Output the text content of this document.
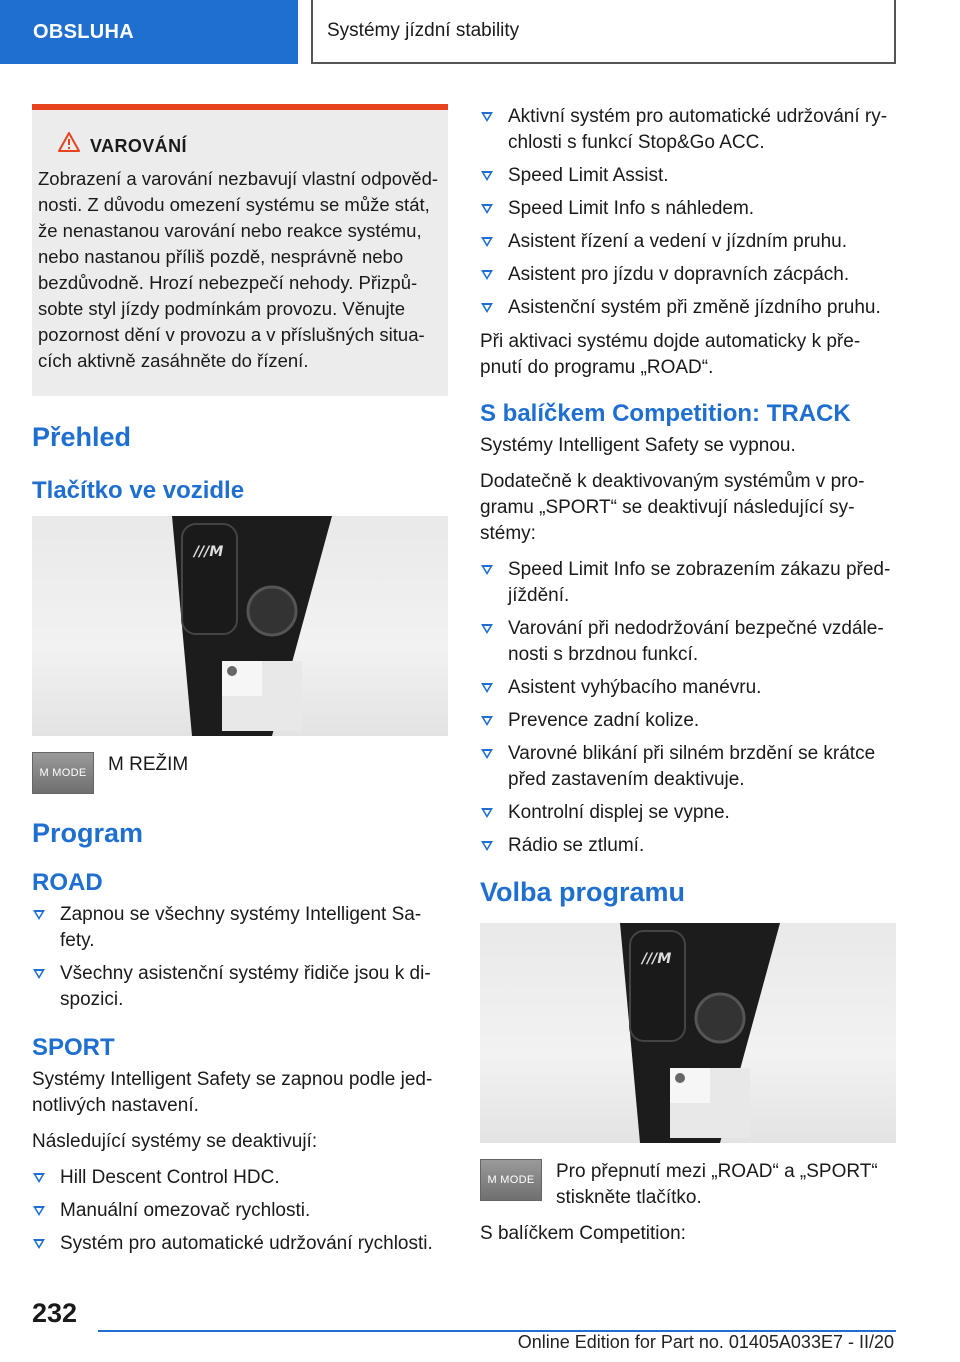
OBSLUHA	Systémy jízdní stability
VAROVÁNÍ
Zobrazení a varování nezbavují vlastní odpovědnosti. Z důvodu omezení systému se může stát, že nenastanou varování nebo reakce systému, nebo nastanou příliš pozdě, nesprávně nebo bezdůvodně. Hrozí nebezpečí nehody. Přizpůsobte styl jízdy podmínkám provozu. Věnujte pozornost dění v provozu a v příslušných situacích aktivně zasáhněte do řízení.
Přehled
Tlačítko ve vozidle
///M
M MODE	M REŽIM
Program
ROAD
Zapnou se všechny systémy Intelligent Safety.
Všechny asistenční systémy řidiče jsou k dispozici.
SPORT

Systémy Intelligent Safety se zapnou podle jednotlivých nastavení.

Následující systémy se deaktivují:

Hill Descent Control HDC.
Manuální omezovač rychlosti.
Systém pro automatické udržování rychlosti.
Aktivní systém pro automatické udržování rychlosti s funkcí Stop&Go ACC.
Speed Limit Assist.
Speed Limit Info s náhledem.
Asistent řízení a vedení v jízdním pruhu.
Asistent pro jízdu v dopravních zácpách.
Asistenční systém při změně jízdního pruhu.

Při aktivaci systému dojde automaticky k přepnutí do programu „ROAD“.

S balíčkem Competition: TRACK

Systémy Intelligent Safety se vypnou.

Dodatečně k deaktivovaným systémům v programu „SPORT“ se deaktivují následující systémy:

Speed Limit Info se zobrazením zákazu předjíždění.
Varování při nedodržování bezpečné vzdálenosti s brzdnou funkcí.
Asistent vyhýbacího manévru.
Prevence zadní kolize.
Varovné blikání při silném brzdění se krátce před zastavením deaktivuje.
Kontrolní displej se vypne.
Rádio se ztlumí.
Volba programu
///M
M MODE	Pro přepnutí mezi „ROAD“ a „SPORT“ stiskněte tlačítko.

S balíčkem Competition:

232
Online Edition for Part no. 01405A033E7 - II/20
